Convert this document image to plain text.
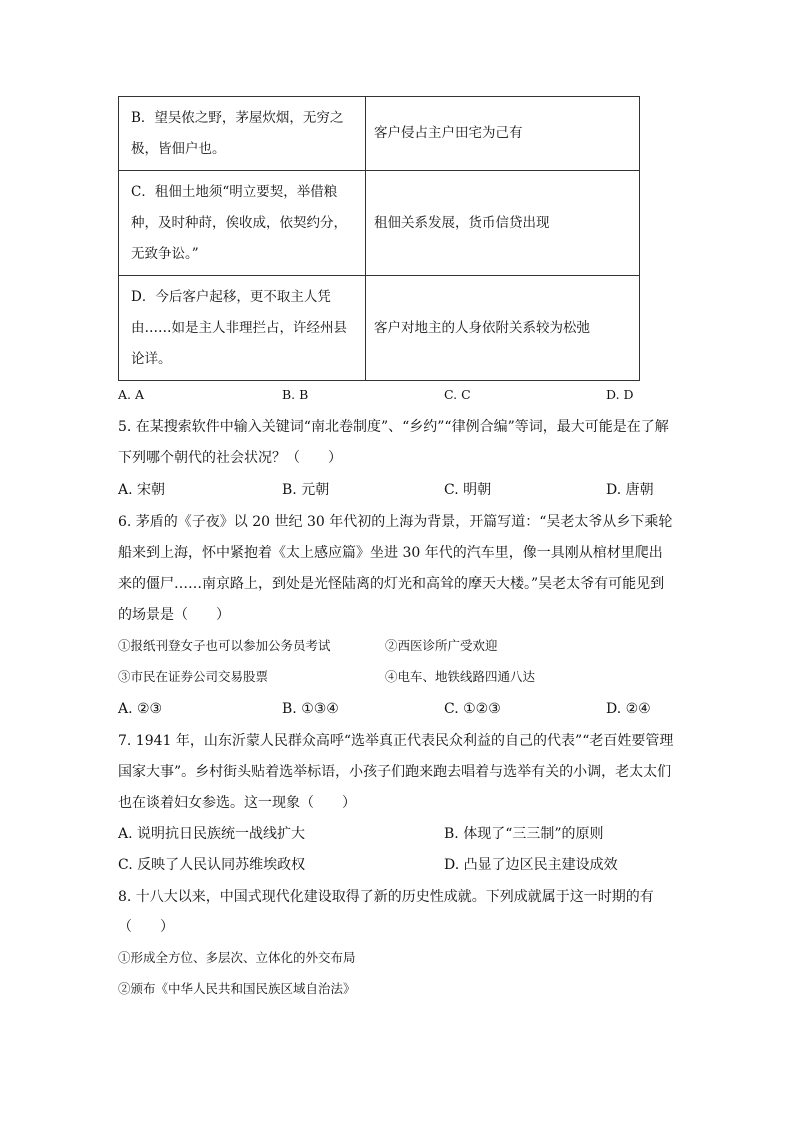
B．望吴侬之野，茅屋炊烟，无穷之
极，皆佃户也。	客户侵占主户田宅为己有

C．租佃土地须“明立要契，举借粮
种，及时种莳，俟收成，依契约分，
无致争讼。”	租佃关系发展，货币信贷出现

D．今后客户起移，更不取主人凭
由……如是主人非理拦占，许经州县
论详。	客户对地主的人身依附关系较为松弛
A. A	B. B	C. C	D. D
5. 在某搜索软件中输入关键词“南北卷制度”、“乡约”“律例合编”等词，最大可能是在了解
下列哪个朝代的社会状况？（　　）
A. 宋朝	B. 元朝	C. 明朝	D. 唐朝
6. 茅盾的《子夜》以 20 世纪 30 年代初的上海为背景，开篇写道：“吴老太爷从乡下乘轮
船来到上海，怀中紧抱着《太上感应篇》坐进 30 年代的汽车里，像一具刚从棺材里爬出
来的僵尸……南京路上，到处是光怪陆离的灯光和高耸的摩天大楼。”吴老太爷有可能见到
的场景是（　　）
①报纸刊登女子也可以参加公务员考试	②西医诊所广受欢迎
③市民在证券公司交易股票	④电车、地铁线路四通八达
A. ②③	B. ①③④	C. ①②③	D. ②④
7. 1941 年，山东沂蒙人民群众高呼“选举真正代表民众利益的自己的代表”“老百姓要管理
国家大事”。乡村街头贴着选举标语，小孩子们跑来跑去唱着与选举有关的小调，老太太们
也在谈着妇女参选。这一现象（　　）
A. 说明抗日民族统一战线扩大	B. 体现了“三三制”的原则
C. 反映了人民认同苏维埃政权	D. 凸显了边区民主建设成效
8. 十八大以来，中国式现代化建设取得了新的历史性成就。下列成就属于这一时期的有
（　　）
①形成全方位、多层次、立体化的外交布局
②颁布《中华人民共和国民族区域自治法》
